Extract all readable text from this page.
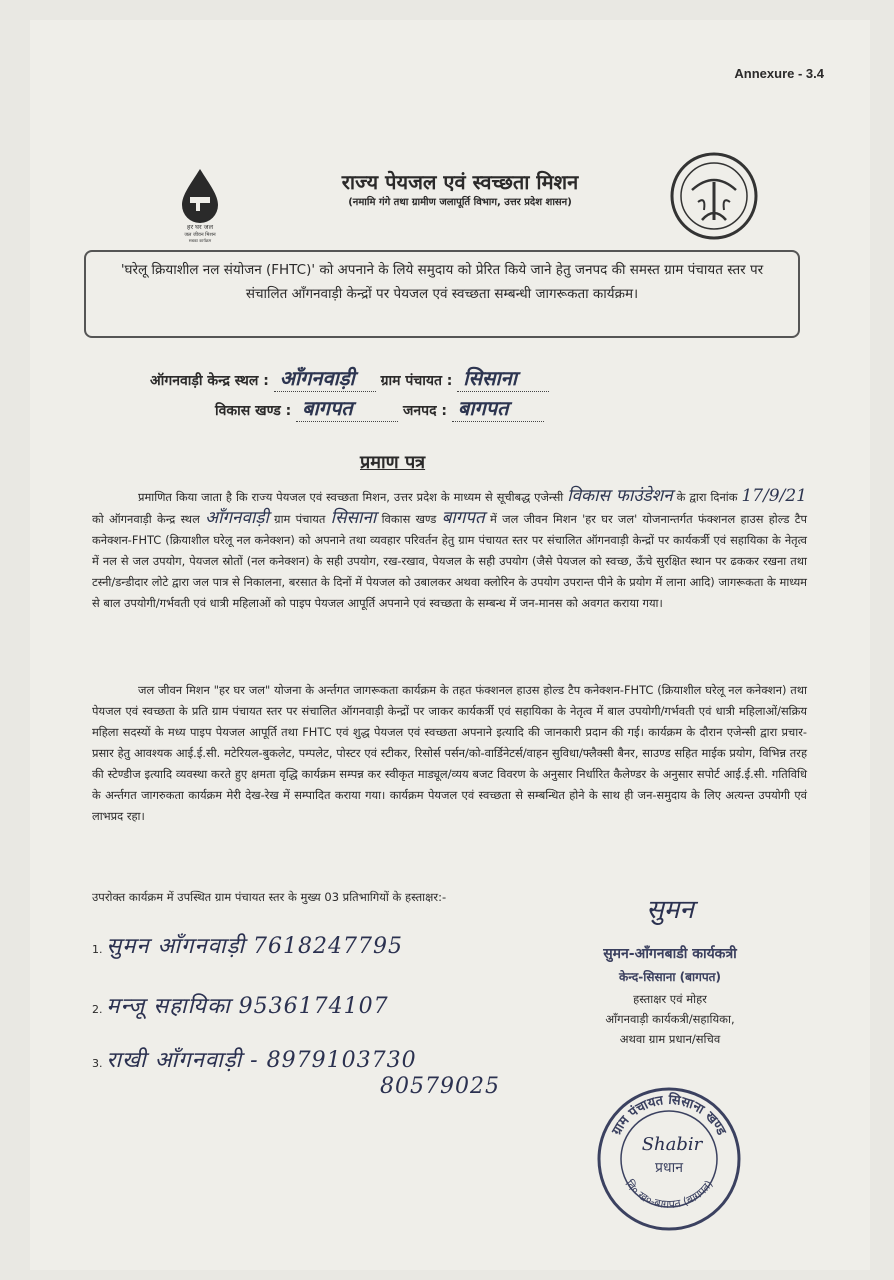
Annexure - 3.4
हर घर जल
जल जीवन मिशन
सबका कार्यक्रम
राज्य पेयजल एवं स्वच्छता मिशन
(नमामि गंगे तथा ग्रामीण जलापूर्ति विभाग, उत्तर प्रदेश शासन)
'घरेलू क्रियाशील नल संयोजन (FHTC)' को अपनाने के लिये समुदाय को प्रेरित किये जाने हेतु जनपद की समस्त ग्राम पंचायत स्तर पर संचालित आँगनवाड़ी केन्द्रों पर पेयजल एवं स्वच्छता सम्बन्धी जागरूकता कार्यक्रम।
ऑगनवाड़ी केन्द्र स्थल : आँगनवाड़ी ग्राम पंचायत : सिसाना
विकास खण्ड : बागपत	जनपद : बागपत
प्रमाण पत्र
प्रमाणित किया जाता है कि राज्य पेयजल एवं स्वच्छता मिशन, उत्तर प्रदेश के माध्यम से सूचीबद्ध एजेन्सी विकास फाउंडेशन के द्वारा दिनांक 17/9/21 को ऑगनवाड़ी केन्द्र स्थल आँगनवाड़ी ग्राम पंचायत सिसाना विकास खण्ड बागपत में जल जीवन मिशन 'हर घर जल' योजनान्तर्गत फंक्शनल हाउस होल्ड टैप कनेक्शन-FHTC (क्रियाशील घरेलू नल कनेक्शन) को अपनाने तथा व्यवहार परिवर्तन हेतु ग्राम पंचायत स्तर पर संचालित ऑगनवाड़ी केन्द्रों पर कार्यकर्त्री एवं सहायिका के नेतृत्व में नल से जल उपयोग, पेयजल स्रोतों (नल कनेक्शन) के सही उपयोग, रख-रखाव, पेयजल के सही उपयोग (जैसे पेयजल को स्वच्छ, ऊँचे सुरक्षित स्थान पर ढककर रखना तथा टस्नी/डन्डीदार लोटे द्वारा जल पात्र से निकालना, बरसात के दिनों में पेयजल को उबालकर अथवा क्लोरिन के उपयोग उपरान्त पीने के प्रयोग में लाना आदि) जागरूकता के माध्यम से बाल उपयोगी/गर्भवती एवं धात्री महिलाओं को पाइप पेयजल आपूर्ति अपनाने एवं स्वच्छता के सम्बन्ध में जन-मानस को अवगत कराया गया।
जल जीवन मिशन "हर घर जल" योजना के अर्न्तगत जागरूकता कार्यक्रम के तहत फंक्शनल हाउस होल्ड टैप कनेक्शन-FHTC (क्रियाशील घरेलू नल कनेक्शन) तथा पेयजल एवं स्वच्छता के प्रति ग्राम पंचायत स्तर पर संचालित ऑगनवाड़ी केन्द्रों पर जाकर कार्यकर्त्री एवं सहायिका के नेतृत्व में बाल उपयोगी/गर्भवती एवं धात्री महिलाओं/सक्रिय महिला सदस्यों के मध्य पाइप पेयजल आपूर्ति तथा FHTC एवं शुद्ध पेयजल एवं स्वच्छता अपनाने इत्यादि की जानकारी प्रदान की गई। कार्यक्रम के दौरान एजेन्सी द्वारा प्रचार-प्रसार हेतु आवश्यक आई.ई.सी. मटेरियल-बुकलेट, पम्पलेट, पोस्टर एवं स्टीकर, रिसोर्स पर्सन/को-वार्डिनेटर्स/वाहन सुविधा/फ्लैक्सी बैनर, साउण्ड सहित माईक प्रयोग, विभिन्न तरह की स्टेण्डीज इत्यादि व्यवस्था करते हुए क्षमता वृद्धि कार्यक्रम सम्पन्न कर स्वीकृत माड्यूल/व्यय बजट विवरण के अनुसार निर्धारित कैलेण्डर के अनुसार सपोर्ट आई.ई.सी. गतिविधि के अर्न्तगत जागरुकता कार्यक्रम मेरी देख-रेख में सम्पादित कराया गया। कार्यक्रम पेयजल एवं स्वच्छता से सम्बन्धित होने के साथ ही जन-समुदाय के लिए अत्यन्त उपयोगी एवं लाभप्रद रहा।
उपरोक्त कार्यक्रम में उपस्थित ग्राम पंचायत स्तर के मुख्य 03 प्रतिभागियों के हस्ताक्षर:-
1. सुमन आँगनवाड़ी 7618247795
2. मन्जू सहायिका 9536174107
3. राखी आँगनवाड़ी - 8979103730
80579025
सुमन
सुमन-आँगनबाडी कार्यकत्री
केन्द-सिसाना (बागपत)
हस्ताक्षर एवं मोहर
आँगनवाड़ी कार्यकत्री/सहायिका,
अथवा ग्राम प्रधान/सचिव
ग्राम पंचायत सिसाना खण्ड
वि० ख०-बागपत (बागपत)
Shabir
प्रधान
